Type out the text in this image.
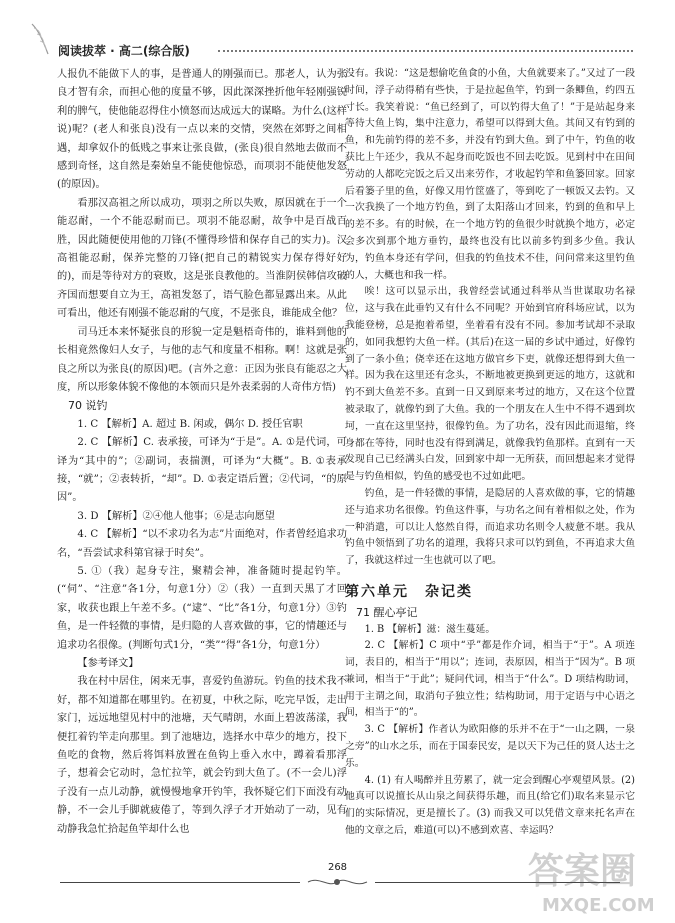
阅读拔萃 · 高二(综合版)

人报仇不能做下人的事，是普通人的刚强而已。那老人，认为张良才智有余，而担心他的度量不够，因此深深挫折他年轻刚强锐利的脾气，使他能忍得住小愤怒而达成远大的谋略。为什么(这样说)呢？(老人和张良)没有一点以来的交情，突然在郊野之间相遇，却拿奴仆的低贱之事来让张良做，(张良)很自然地去做而不感到奇怪，这自然是秦始皇不能使他惊恐，而项羽不能使他发怒(的原因)。

看那汉高祖之所以成功，项羽之所以失败，原因就在于一个能忍耐，一个不能忍耐而已。项羽不能忍耐，故争中是百战百胜，因此随便使用他的刀锋(不懂得珍惜和保存自己的实力)。汉高祖能忍耐，保养完整的刀锋(把自己的精锐实力保存得好好的)，而是等待对方的衰败，这是张良教他的。当淮阴侯韩信攻破齐国而想要自立为王，高祖发怒了，语气脸色都显露出来。从此可看出，他还有刚强不能忍耐的气度，不是张良，谁能成全他？

司马迁本来怀疑张良的形貌一定是魁梧奇伟的，谁料到他的长相竟然像妇人女子，与他的志气和度量不相称。啊！这就是张良之所以为张良(的原因)吧。(言外之意：正因为张良有能忍之大度，所以形象体貌不像他的本领而只是外表柔弱的人奇伟方悟)

70 说钓

1. C 【解析】A. 超过 B. 闲或，偶尔 D. 授任官职

2. C 【解析】C. 表承接，可译为“于是”。A. ①是代词，可译为“其中的”；②副词，表揣测，可译为“大概”。B. ①表承接，“就”；②表转折，“却”。D. ①表定语后置；②代词，“的原因”。

3. D 【解析】②④他人他事；⑥是志向愿望

4. C 【解析】“以不求功名为志”片面绝对，作者曾经追求功名，“吾尝试求科第官禄于时矣”。

5. ①（我）起身专注，聚精会神，准备随时提起钓竿。(“伺”、“注意”各1分，句意1分）②（我）一直到天黑了才回家，收获也跟上午差不多。(“逮”、“比”各1分，句意1分）③钓鱼，是一件轻微的事情，是归隐的人喜欢做的事，它的情趣还与追求功名很像。(判断句式1分，“类”“得”各1分，句意1分）

【参考译文】

我在村中居住，闲来无事，喜爱钓鱼游玩。钓鱼的技术我不好，都不知道都在哪里钓。在初夏，中秋之际，吃完早饭，走出家门，远远地望见村中的池塘，天气晴朗，水面上碧波荡漾，我便扛着钓竿走向那里。到了池塘边，选择水中草少的地方，投下鱼吃的食物，然后将饵料放置在鱼钩上垂入水中，蹲着看那浮子，想着会它动时，急忙拉竿，就会钓到大鱼了。(不一会儿)浮子没有一点儿动静，就慢慢地拿开钓竿，我怀疑它们下面没有动静，不一会儿手脚就疲倦了，等到久浮子才开始动了一动，见有动静我急忙拾起鱼竿却什么也

没有。我说：“这是想偷吃鱼食的小鱼，大鱼就要来了。”又过了一段时间，浮子动得稍有些快，于是拉起鱼竿，钓到一条鲫鱼，约四五寸长。我笑着说：“鱼已经到了，可以钓得大鱼了！”于是站起身来等待大鱼上钩，集中注意力，希望可以得到大鱼。其间又有钓到的鱼，和先前钓得的差不多，并没有钓到大鱼。到了中午，钓鱼的收获比上午还少，我从不起身而吃饭也不回去吃饭。见到村中在田间劳动的人都吃完饭之后又出来劳作，才收起钓竿和鱼篓回家。回家后看篓子里的鱼，好像又用竹筐盛了，等到吃了一顿饭又去钓。又一次我换了一个地方钓鱼，到了太阳落山才回来，钓到的鱼和早上的差不多。有的时候，在一个地方钓的鱼很少时就换个地方，必定会多次到那个地方垂钓，最终也没有比以前多钓到多少鱼。我认为，钓鱼本身还有学问，但我的钓鱼技术不佳，问问常来这里钓鱼的人，大概也和我一样。

唉！这可以显示出，我曾经尝试通过科举从当世谋取功名禄位，这与我在此垂钓又有什么不同呢？开始到官府科场应试，以为我能登榜，总是抱着希望，坐着看有没有不同。参加考试却不录取的，如同我想钓大鱼一样。(其后)在这一届的乡试中通过，好像钓到了一条小鱼；侥幸还在这地方做官乡下吏，就像还想得到大鱼一样。因为我在这里还有念头，不断地被更换到更远的地方，这就和钓不到大鱼差不多。直到一日又到原来考过的地方，又在这个位置被录取了，就像钓到了大鱼。我的一个朋友在人生中不得不遇到坎坷，一直在这里坚持，很像钓鱼。为了功名，没有因此而退缩，终身都在等待，同时也没有得到满足，就像我钓鱼那样。直到有一天发现自己已经满头白发，回到家中却一无所获，而回想起来才觉得是与钓鱼相似，钓鱼的感受也不过如此吧。

钓鱼，是一件轻微的事情，是隐居的人喜欢做的事，它的情趣还与追求功名很像。钓鱼这件事，与功名之间有着相似之处，作为一种消遣，可以让人悠然自得，而追求功名则令人疲惫不堪。我从钓鱼中领悟到了功名的道理，我将只求可以钓到鱼，不再追求大鱼了，我就这样过一生也就可以了吧。

第六单元　杂记类

71 醒心亭记

1. B 【解析】滋：滋生蔓延。

2. C 【解析】C 项中“乎”都是作介词，相当于“于”。A 项连词，表目的，相当于“用以”；连词，表原因，相当于“因为”。B 项兼词，相当于“于此”；疑问代词，相当于“什么”。D 项结构助词，用于主谓之间，取消句子独立性；结构助词，用于定语与中心语之间，相当于“的”。

3. C 【解析】作者认为欧阳修的乐并不在于“一山之隅，一泉之旁”的山水之乐，而在于国泰民安，是以天下为己任的贤人达士之乐。

4. (1) 有人喝醉并且劳累了，就一定会到醒心亭观望风景。(2) 他真可以说擅长从山泉之间获得乐趣，而且(给它们)取名来显示它们的实际情况，更是擅长了。(3) 而我又可以凭借文章来托名声在他的文章之后，难道(可以)不感到欢喜、幸运吗？

268	答案圈
MXQE.COM
